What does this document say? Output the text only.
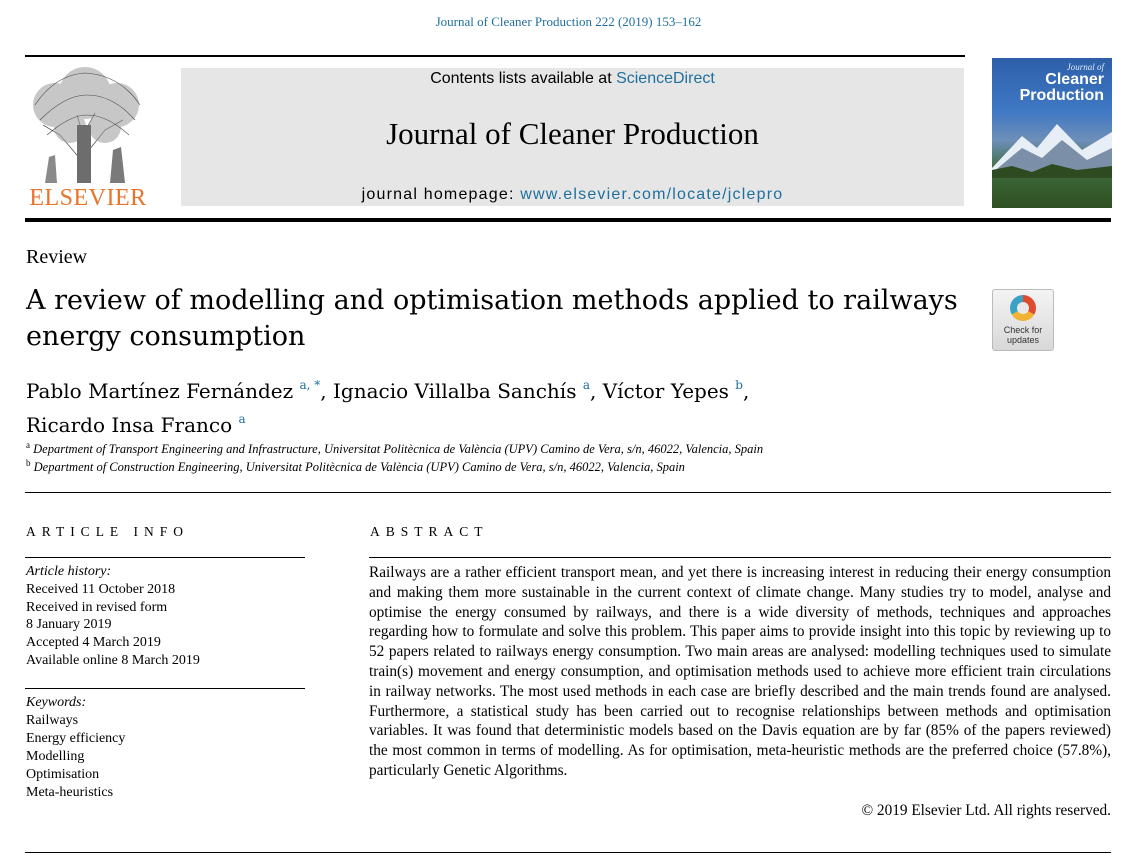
Journal of Cleaner Production 222 (2019) 153–162
ELSEVIER
Contents lists available at ScienceDirect
Journal of Cleaner Production
journal homepage: www.elsevier.com/locate/jclepro
Journal of
Cleaner
Production
Review
A review of modelling and optimisation methods applied to railways energy consumption	Check for
updates
Pablo Martínez Fernández $^{a, *}$, Ignacio Villalba Sanchís $^a$, Víctor Yepes $^b$,
Ricardo Insa Franco $^a$
$^a$ Department of Transport Engineering and Infrastructure, Universitat Politècnica de València (UPV) Camino de Vera, s/n, 46022, Valencia, Spain
$^b$ Department of Construction Engineering, Universitat Politècnica de València (UPV) Camino de Vera, s/n, 46022, Valencia, Spain
ARTICLE INFO	ABSTRACT
Article history:
Received 11 October 2018
Received in revised form
8 January 2019
Accepted 4 March 2019
Available online 8 March 2019
Keywords:
Railways
Energy efficiency
Modelling
Optimisation
Meta-heuristics
Railways are a rather efficient transport mean, and yet there is increasing interest in reducing their energy consumption and making them more sustainable in the current context of climate change. Many studies try to model, analyse and optimise the energy consumed by railways, and there is a wide diversity of methods, techniques and approaches regarding how to formulate and solve this problem. This paper aims to provide insight into this topic by reviewing up to 52 papers related to railways energy consumption. Two main areas are analysed: modelling techniques used to simulate train(s) movement and energy consumption, and optimisation methods used to achieve more efficient train circulations in railway networks. The most used methods in each case are briefly described and the main trends found are analysed. Furthermore, a statistical study has been carried out to recognise relationships between methods and optimisation variables. It was found that deterministic models based on the Davis equation are by far (85% of the papers reviewed) the most common in terms of modelling. As for optimisation, meta-heuristic methods are the preferred choice (57.8%), particularly Genetic Algorithms.
© 2019 Elsevier Ltd. All rights reserved.
